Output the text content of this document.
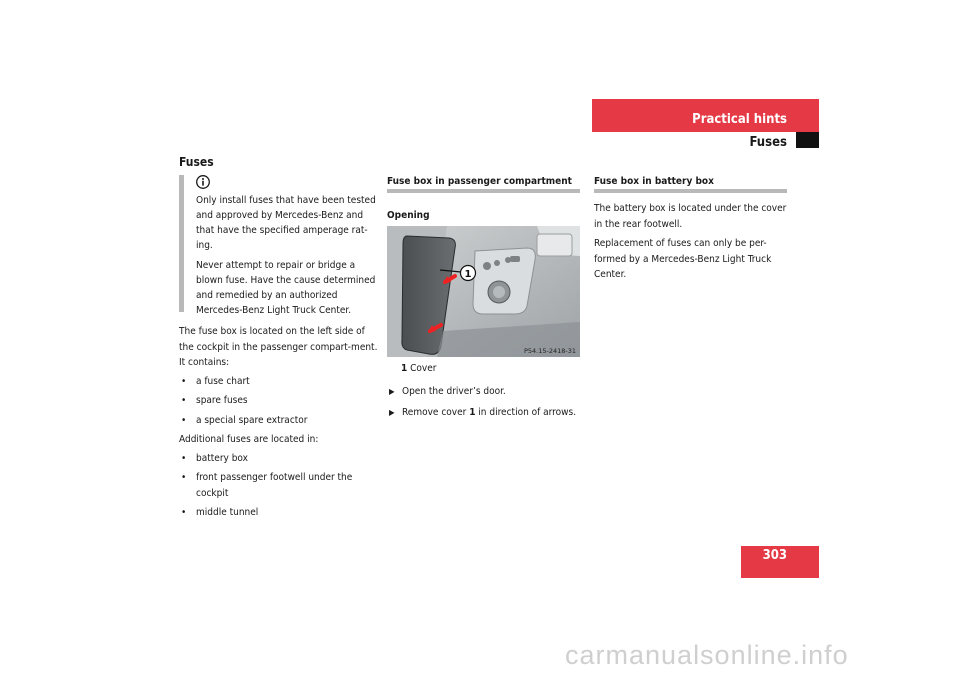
Practical hints
Fuses
303
Fuses

Only install fuses that have been tested and approved by Mercedes-Benz and that have the specified amperage rat-ing.

Never attempt to repair or bridge a blown fuse. Have the cause determined and remedied by an authorized Mercedes-Benz Light Truck Center.

The fuse box is located on the left side of the cockpit in the passenger compart-ment. It contains:

• a fuse chart
• spare fuses
• a special spare extractor

Additional fuses are located in:

• battery box
• front passenger footwell under the cockpit
• middle tunnel
Fuse box in passenger compartment
Opening
1
P54.15-2418-31
1 Cover
▶ Open the driver’s door.
▶ Remove cover 1 in direction of arrows.
Fuse box in battery box

The battery box is located under the cover in the rear footwell.

Replacement of fuses can only be per-formed by a Mercedes-Benz Light Truck Center.

carmanualsonline.info
